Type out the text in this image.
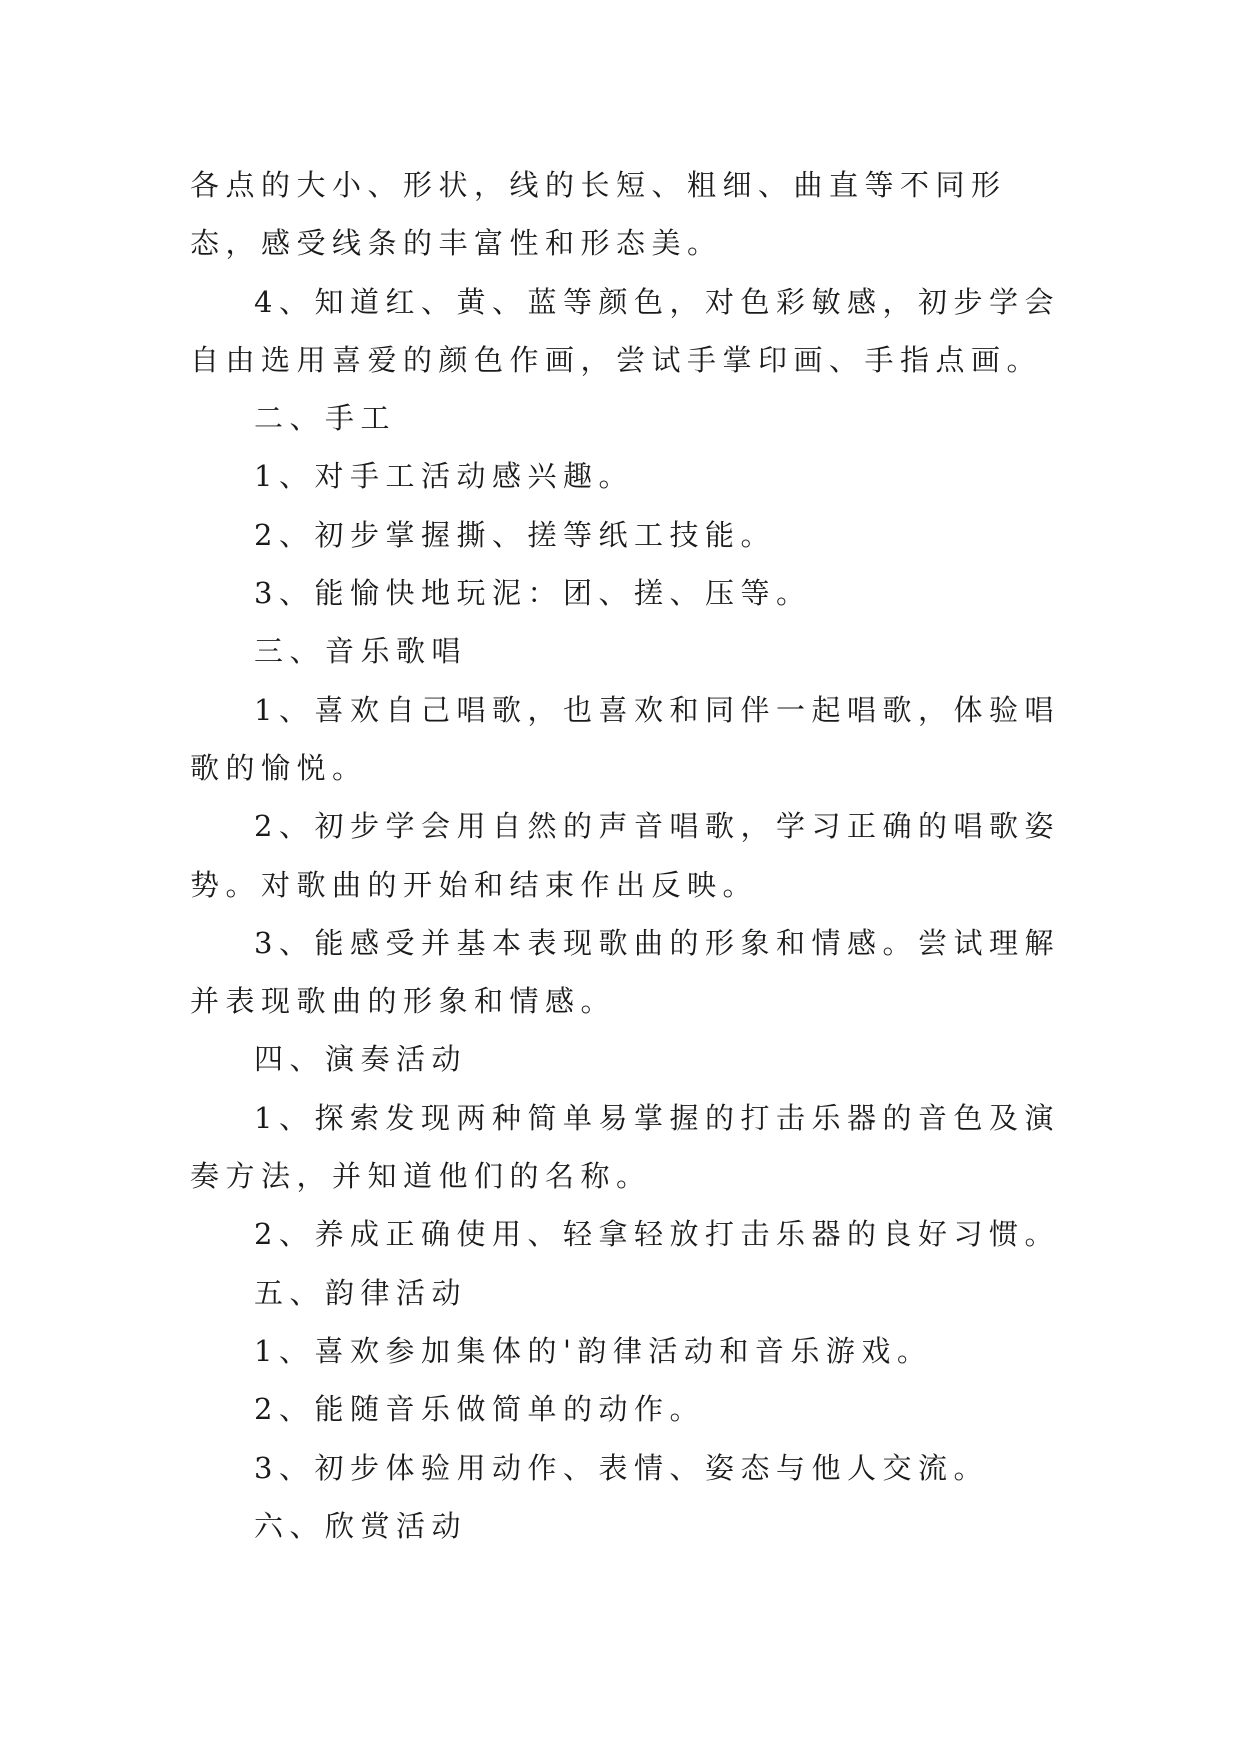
各点的大小、形状，线的长短、粗细、曲直等不同形态，感受线条的丰富性和形态美。

4、知道红、黄、蓝等颜色，对色彩敏感，初步学会自由选用喜爱的颜色作画，尝试手掌印画、手指点画。

二、手工

1、对手工活动感兴趣。

2、初步掌握撕、搓等纸工技能。

3、能愉快地玩泥：团、搓、压等。

三、音乐歌唱

1、喜欢自己唱歌，也喜欢和同伴一起唱歌，体验唱歌的愉悦。

2、初步学会用自然的声音唱歌，学习正确的唱歌姿势。对歌曲的开始和结束作出反映。

3、能感受并基本表现歌曲的形象和情感。尝试理解并表现歌曲的形象和情感。

四、演奏活动

1、探索发现两种简单易掌握的打击乐器的音色及演奏方法，并知道他们的名称。

2、养成正确使用、轻拿轻放打击乐器的良好习惯。

五、韵律活动

1、喜欢参加集体的'韵律活动和音乐游戏。

2、能随音乐做简单的动作。

3、初步体验用动作、表情、姿态与他人交流。

六、欣赏活动
